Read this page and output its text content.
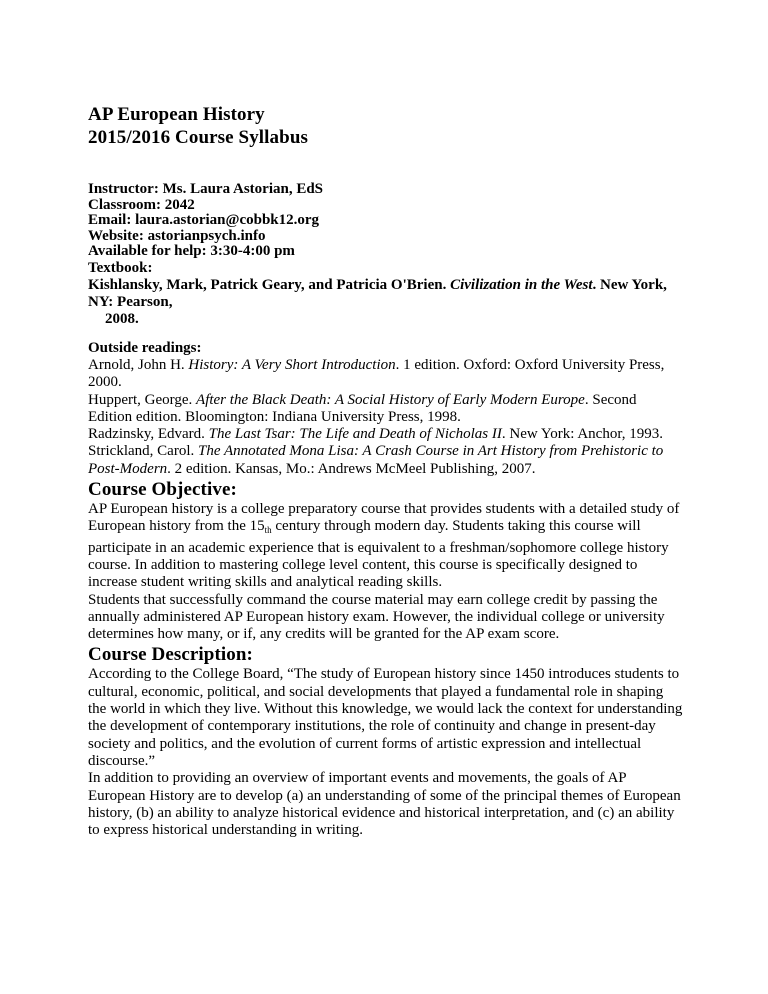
AP European History
2015/2016 Course Syllabus
Instructor: Ms. Laura Astorian, EdS
Classroom: 2042
Email: laura.astorian@cobbk12.org
Website: astorianpsych.info
Available for help: 3:30-4:00 pm

Textbook:

Kishlansky, Mark, Patrick Geary, and Patricia O'Brien. Civilization in the West. New York, NY: Pearson,
2008.

Outside readings:

Arnold, John H. History: A Very Short Introduction. 1 edition. Oxford: Oxford University Press, 2000.

Huppert, George. After the Black Death: A Social History of Early Modern Europe. Second Edition edition. Bloomington: Indiana University Press, 1998.

Radzinsky, Edvard. The Last Tsar: The Life and Death of Nicholas II. New York: Anchor, 1993.

Strickland, Carol. The Annotated Mona Lisa: A Crash Course in Art History from Prehistoric to Post-Modern. 2 edition. Kansas, Mo.: Andrews McMeel Publishing, 2007.

Course Objective:

AP European history is a college preparatory course that provides students with a detailed study of European history from the $15_{th}$ century through modern day. Students taking this course will participate in an academic experience that is equivalent to a freshman/sophomore college history course. In addition to mastering college level content, this course is specifically designed to increase student writing skills and analytical reading skills.

Students that successfully command the course material may earn college credit by passing the annually administered AP European history exam. However, the individual college or university determines how many, or if, any credits will be granted for the AP exam score.

Course Description:

According to the College Board, “The study of European history since 1450 introduces students to cultural, economic, political, and social developments that played a fundamental role in shaping the world in which they live. Without this knowledge, we would lack the context for understanding the development of contemporary institutions, the role of continuity and change in present-day society and politics, and the evolution of current forms of artistic expression and intellectual discourse.”

In addition to providing an overview of important events and movements, the goals of AP European History are to develop (a) an understanding of some of the principal themes of European history, (b) an ability to analyze historical evidence and historical interpretation, and (c) an ability to express historical understanding in writing.
